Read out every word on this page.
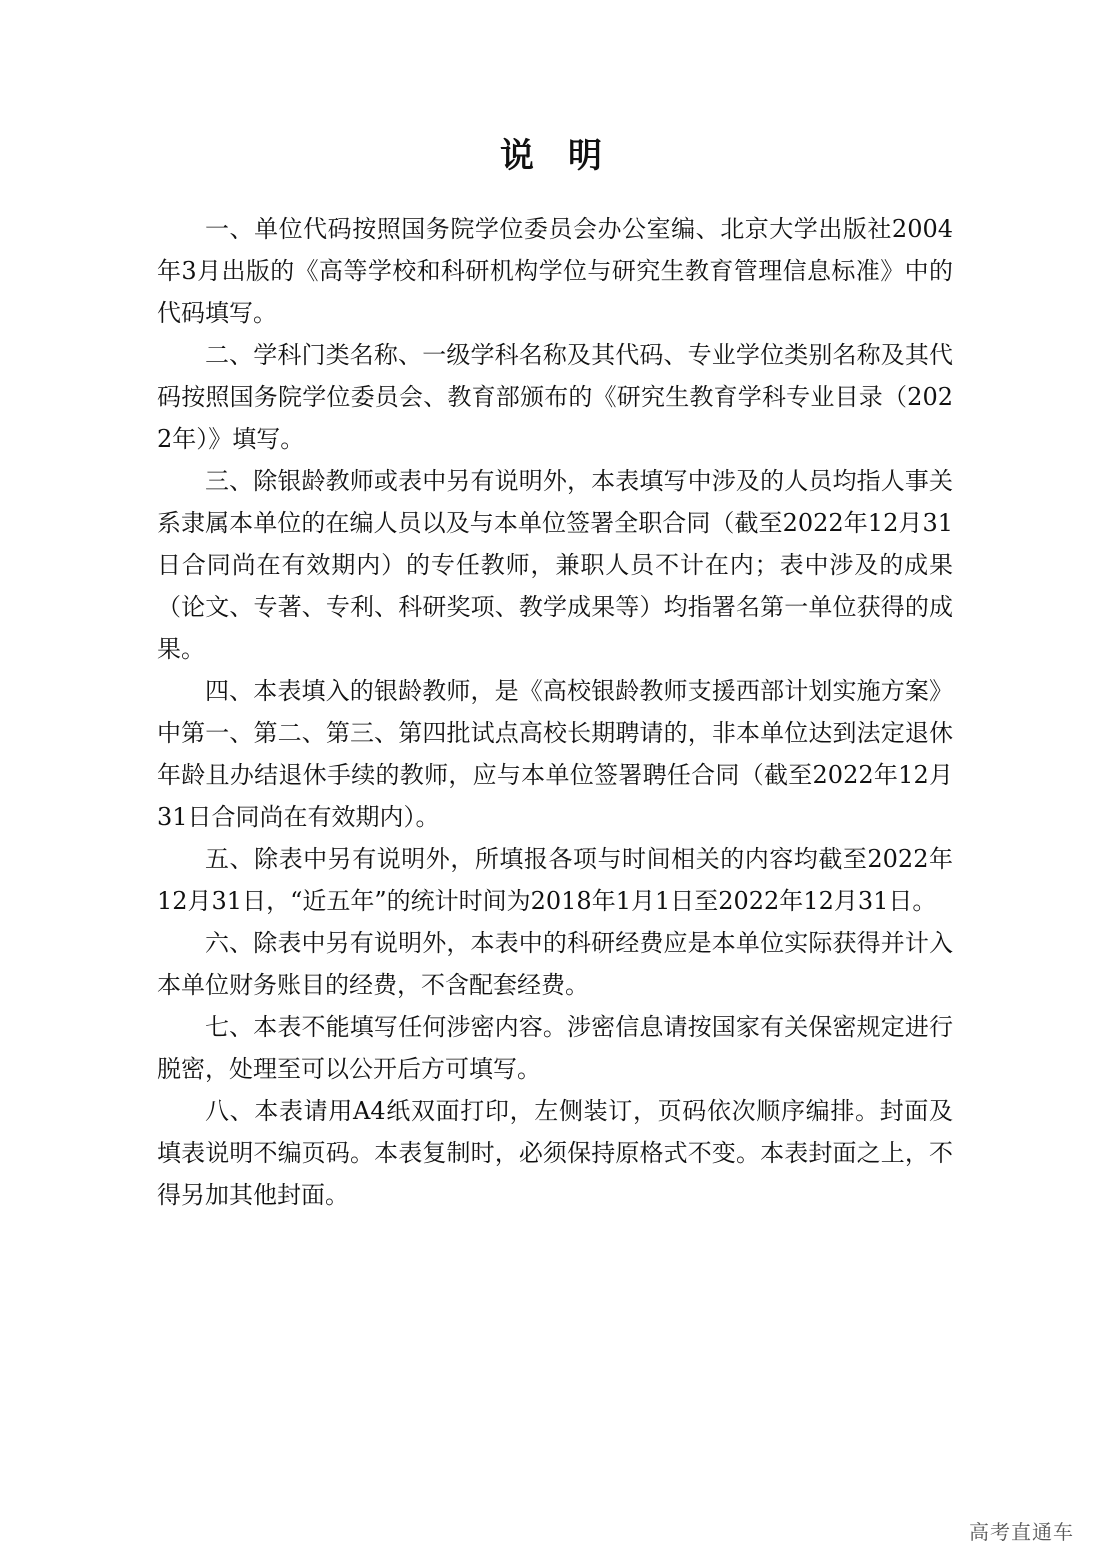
说明

一、单位代码按照国务院学位委员会办公室编、北京大学出版社2004年3月出版的《高等学校和科研机构学位与研究生教育管理信息标准》中的代码填写。

二、学科门类名称、一级学科名称及其代码、专业学位类别名称及其代码按照国务院学位委员会、教育部颁布的《研究生教育学科专业目录（2022年）》填写。

三、除银龄教师或表中另有说明外，本表填写中涉及的人员均指人事关系隶属本单位的在编人员以及与本单位签署全职合同（截至2022年12月31日合同尚在有效期内）的专任教师，兼职人员不计在内；表中涉及的成果（论文、专著、专利、科研奖项、教学成果等）均指署名第一单位获得的成果。

四、本表填入的银龄教师，是《高校银龄教师支援西部计划实施方案》中第一、第二、第三、第四批试点高校长期聘请的，非本单位达到法定退休年龄且办结退休手续的教师，应与本单位签署聘任合同（截至2022年12月31日合同尚在有效期内）。

五、除表中另有说明外，所填报各项与时间相关的内容均截至2022年12月31日，“近五年”的统计时间为2018年1月1日至2022年12月31日。

六、除表中另有说明外，本表中的科研经费应是本单位实际获得并计入本单位财务账目的经费，不含配套经费。

七、本表不能填写任何涉密内容。涉密信息请按国家有关保密规定进行脱密，处理至可以公开后方可填写。

八、本表请用A4纸双面打印，左侧装订，页码依次顺序编排。封面及填表说明不编页码。本表复制时，必须保持原格式不变。本表封面之上，不得另加其他封面。

高考直通车
